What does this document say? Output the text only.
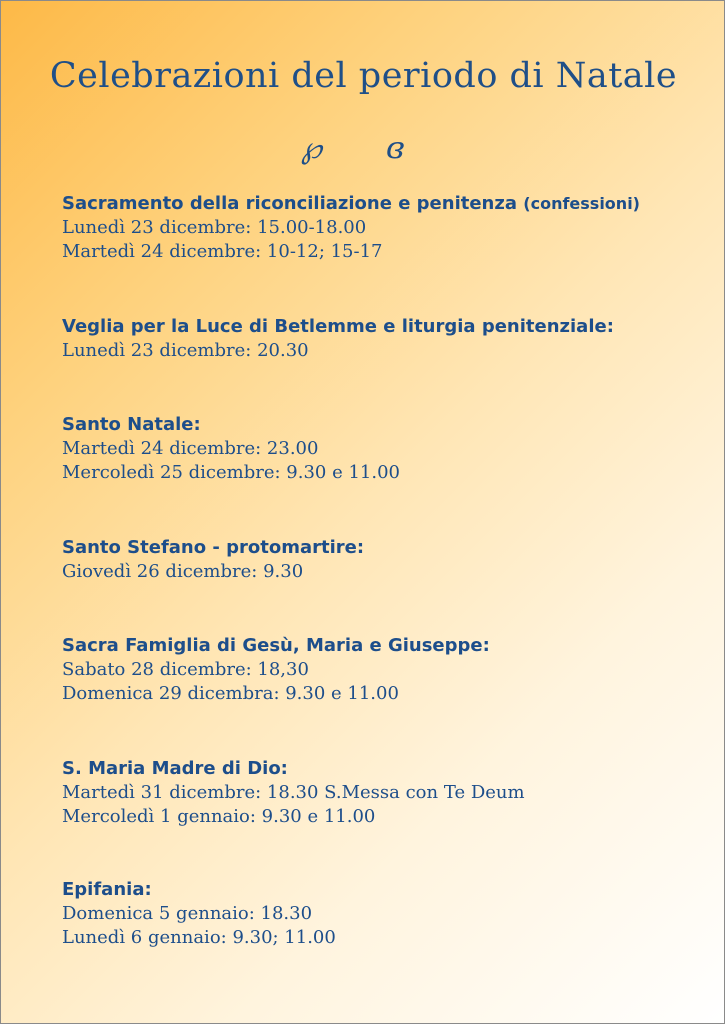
Celebrazioni del periodo di Natale
℘ ɞ
Sacramento della riconciliazione e penitenza (confessioni)

Lunedì 23 dicembre: 15.00-18.00

Martedì 24 dicembre: 10-12; 15-17

Veglia per la Luce di Betlemme e liturgia penitenziale:

Lunedì 23 dicembre: 20.30

Santo Natale:

Martedì 24 dicembre: 23.00

Mercoledì 25 dicembre: 9.30 e 11.00

Santo Stefano - protomartire:

Giovedì 26 dicembre: 9.30

Sacra Famiglia di Gesù, Maria e Giuseppe:

Sabato 28 dicembre: 18,30

Domenica 29 dicembra: 9.30 e 11.00

S. Maria Madre di Dio:

Martedì 31 dicembre: 18.30 S.Messa con Te Deum

Mercoledì 1 gennaio: 9.30 e 11.00

Epifania:

Domenica 5 gennaio: 18.30

Lunedì 6 gennaio: 9.30; 11.00
